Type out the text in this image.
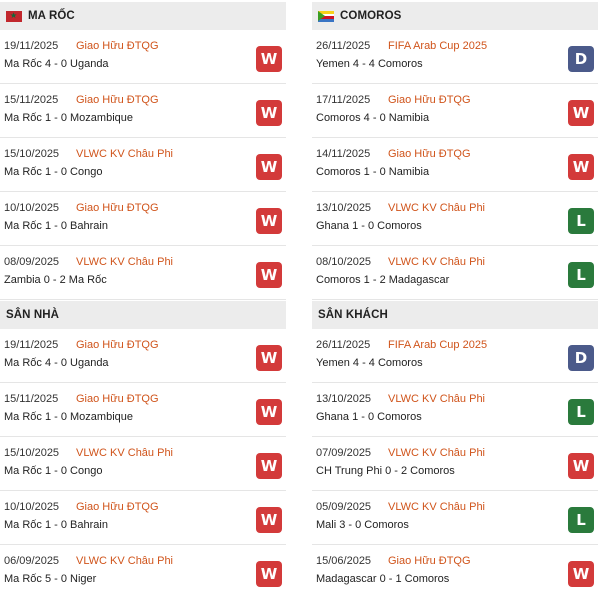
★ MA RỐC
19/11/2025 Giao Hữu ĐTQG
Ma Rốc 4 - 0 Uganda	W
15/11/2025 Giao Hữu ĐTQG
Ma Rốc 1 - 0 Mozambique	W
15/10/2025 VLWC KV Châu Phi
Ma Rốc 1 - 0 Congo	W
10/10/2025 Giao Hữu ĐTQG
Ma Rốc 1 - 0 Bahrain	W
08/09/2025 VLWC KV Châu Phi
Zambia 0 - 2 Ma Rốc	W
SÂN NHÀ
19/11/2025 Giao Hữu ĐTQG
Ma Rốc 4 - 0 Uganda	W
15/11/2025 Giao Hữu ĐTQG
Ma Rốc 1 - 0 Mozambique	W
15/10/2025 VLWC KV Châu Phi
Ma Rốc 1 - 0 Congo	W
10/10/2025 Giao Hữu ĐTQG
Ma Rốc 1 - 0 Bahrain	W
06/09/2025 VLWC KV Châu Phi
Ma Rốc 5 - 0 Niger	W
COMOROS
26/11/2025 FIFA Arab Cup 2025
Yemen 4 - 4 Comoros	D
17/11/2025 Giao Hữu ĐTQG
Comoros 4 - 0 Namibia	W
14/11/2025 Giao Hữu ĐTQG
Comoros 1 - 0 Namibia	W
13/10/2025 VLWC KV Châu Phi
Ghana 1 - 0 Comoros	L
08/10/2025 VLWC KV Châu Phi
Comoros 1 - 2 Madagascar	L
SÂN KHÁCH
26/11/2025 FIFA Arab Cup 2025
Yemen 4 - 4 Comoros	D
13/10/2025 VLWC KV Châu Phi
Ghana 1 - 0 Comoros	L
07/09/2025 VLWC KV Châu Phi
CH Trung Phi 0 - 2 Comoros	W
05/09/2025 VLWC KV Châu Phi
Mali 3 - 0 Comoros	L
15/06/2025 Giao Hữu ĐTQG
Madagascar 0 - 1 Comoros	W
